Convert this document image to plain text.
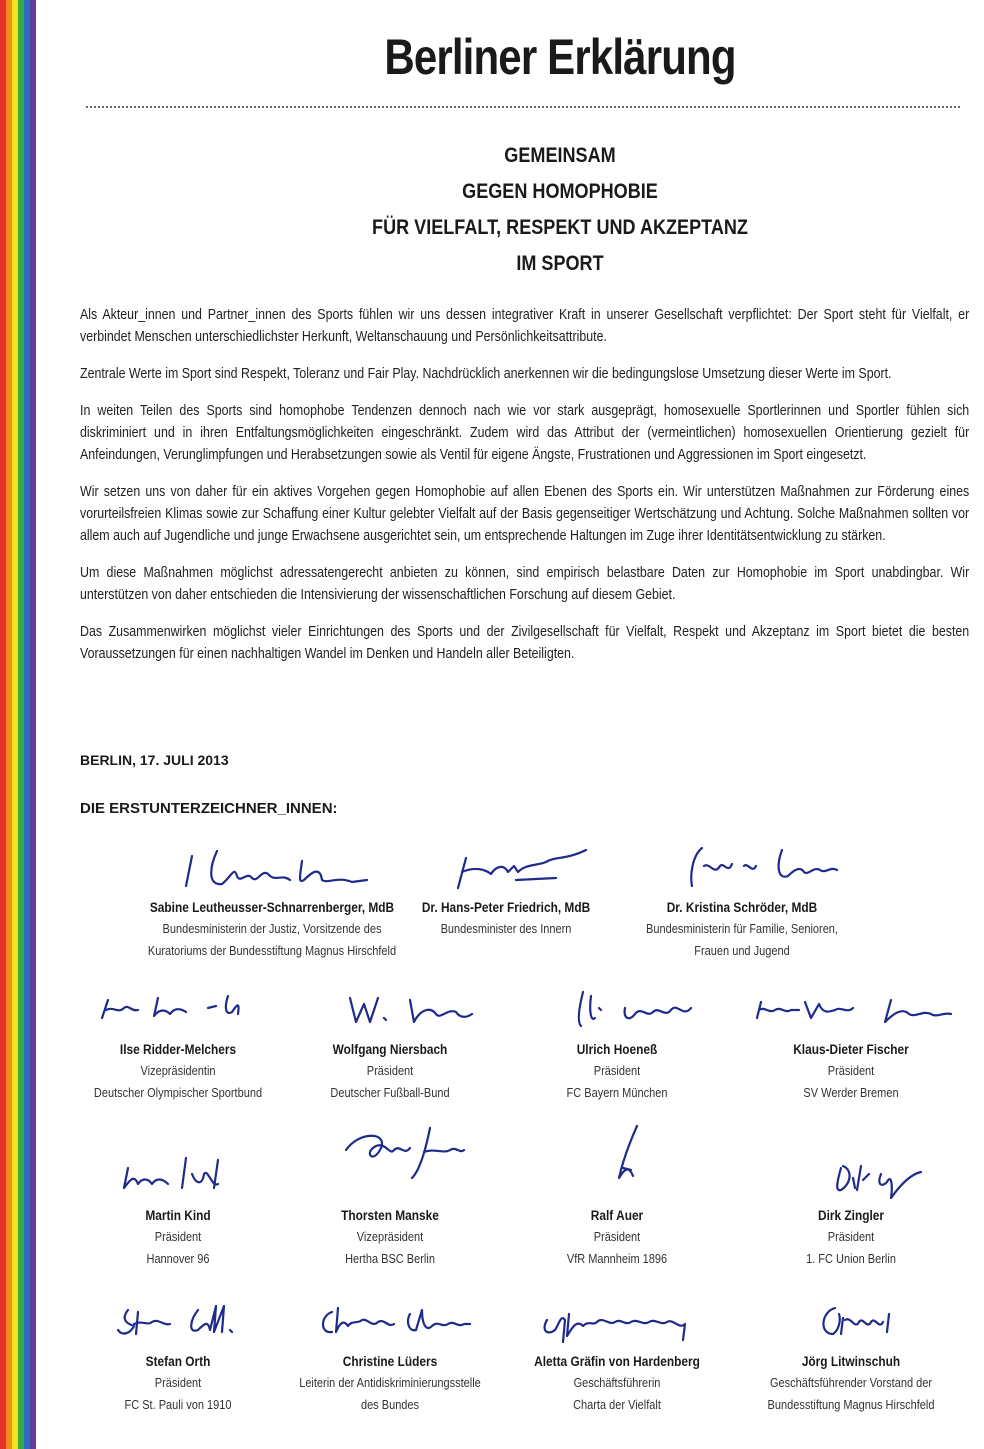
Berliner Erklärung
GEMEINSAM
GEGEN HOMOPHOBIE
FÜR VIELFALT, RESPEKT UND AKZEPTANZ
IM SPORT

Als Akteur_innen und Partner_innen des Sports fühlen wir uns dessen integrativer Kraft in unserer Gesellschaft verpflichtet: Der Sport steht für Vielfalt, er verbindet Menschen unterschiedlichster Herkunft, Weltanschauung und Persönlichkeitsattribute.

Zentrale Werte im Sport sind Respekt, Toleranz und Fair Play. Nachdrücklich anerkennen wir die bedingungslose Umsetzung dieser Werte im Sport.

In weiten Teilen des Sports sind homophobe Tendenzen dennoch nach wie vor stark ausgeprägt, homosexuelle Sportlerinnen und Sportler fühlen sich diskriminiert und in ihren Entfaltungsmöglichkeiten eingeschränkt. Zudem wird das Attribut der (vermeintlichen) homosexuellen Orientierung gezielt für Anfeindungen, Verunglimpfungen und Herabsetzungen sowie als Ventil für eigene Ängste, Frustrationen und Aggressionen im Sport eingesetzt.

Wir setzen uns von daher für ein aktives Vorgehen gegen Homophobie auf allen Ebenen des Sports ein. Wir unterstützen Maßnahmen zur Förderung eines vorurteilsfreien Klimas sowie zur Schaffung einer Kultur gelebter Vielfalt auf der Basis gegenseitiger Wertschätzung und Achtung. Solche Maßnahmen sollten vor allem auch auf Jugendliche und junge Erwachsene ausgerichtet sein, um entsprechende Haltungen im Zuge ihrer Identitätsentwicklung zu stärken.

Um diese Maßnahmen möglichst adressatengerecht anbieten zu können, sind empirisch belastbare Daten zur Homophobie im Sport unabdingbar. Wir unterstützen von daher entschieden die Intensivierung der wissenschaftlichen Forschung auf diesem Gebiet.

Das Zusammenwirken möglichst vieler Einrichtungen des Sports und der Zivilgesellschaft für Vielfalt, Respekt und Akzeptanz im Sport bietet die besten Voraussetzungen für einen nachhaltigen Wandel im Denken und Handeln aller Beteiligten.

BERLIN, 17. JULI 2013
DIE ERSTUNTERZEICHNER_INNEN:
Sabine Leutheusser-Schnarrenberger, MdB
Bundesministerin der Justiz, Vorsitzende des
Kuratoriums der Bundesstiftung Magnus Hirschfeld
Dr. Hans-Peter Friedrich, MdB
Bundesminister des Innern
Dr. Kristina Schröder, MdB
Bundesministerin für Familie, Senioren,
Frauen und Jugend
Ilse Ridder-Melchers
Vizepräsidentin
Deutscher Olympischer Sportbund
Wolfgang Niersbach
Präsident
Deutscher Fußball-Bund
Ulrich Hoeneß
Präsident
FC Bayern München
Klaus-Dieter Fischer
Präsident
SV Werder Bremen
Martin Kind
Präsident
Hannover 96
Thorsten Manske
Vizepräsident
Hertha BSC Berlin
Ralf Auer
Präsident
VfR Mannheim 1896
Dirk Zingler
Präsident
1. FC Union Berlin
Stefan Orth
Präsident
FC St. Pauli von 1910
Christine Lüders
Leiterin der Antidiskriminierungsstelle
des Bundes
Aletta Gräfin von Hardenberg
Geschäftsführerin
Charta der Vielfalt
Jörg Litwinschuh
Geschäftsführender Vorstand der
Bundesstiftung Magnus Hirschfeld
